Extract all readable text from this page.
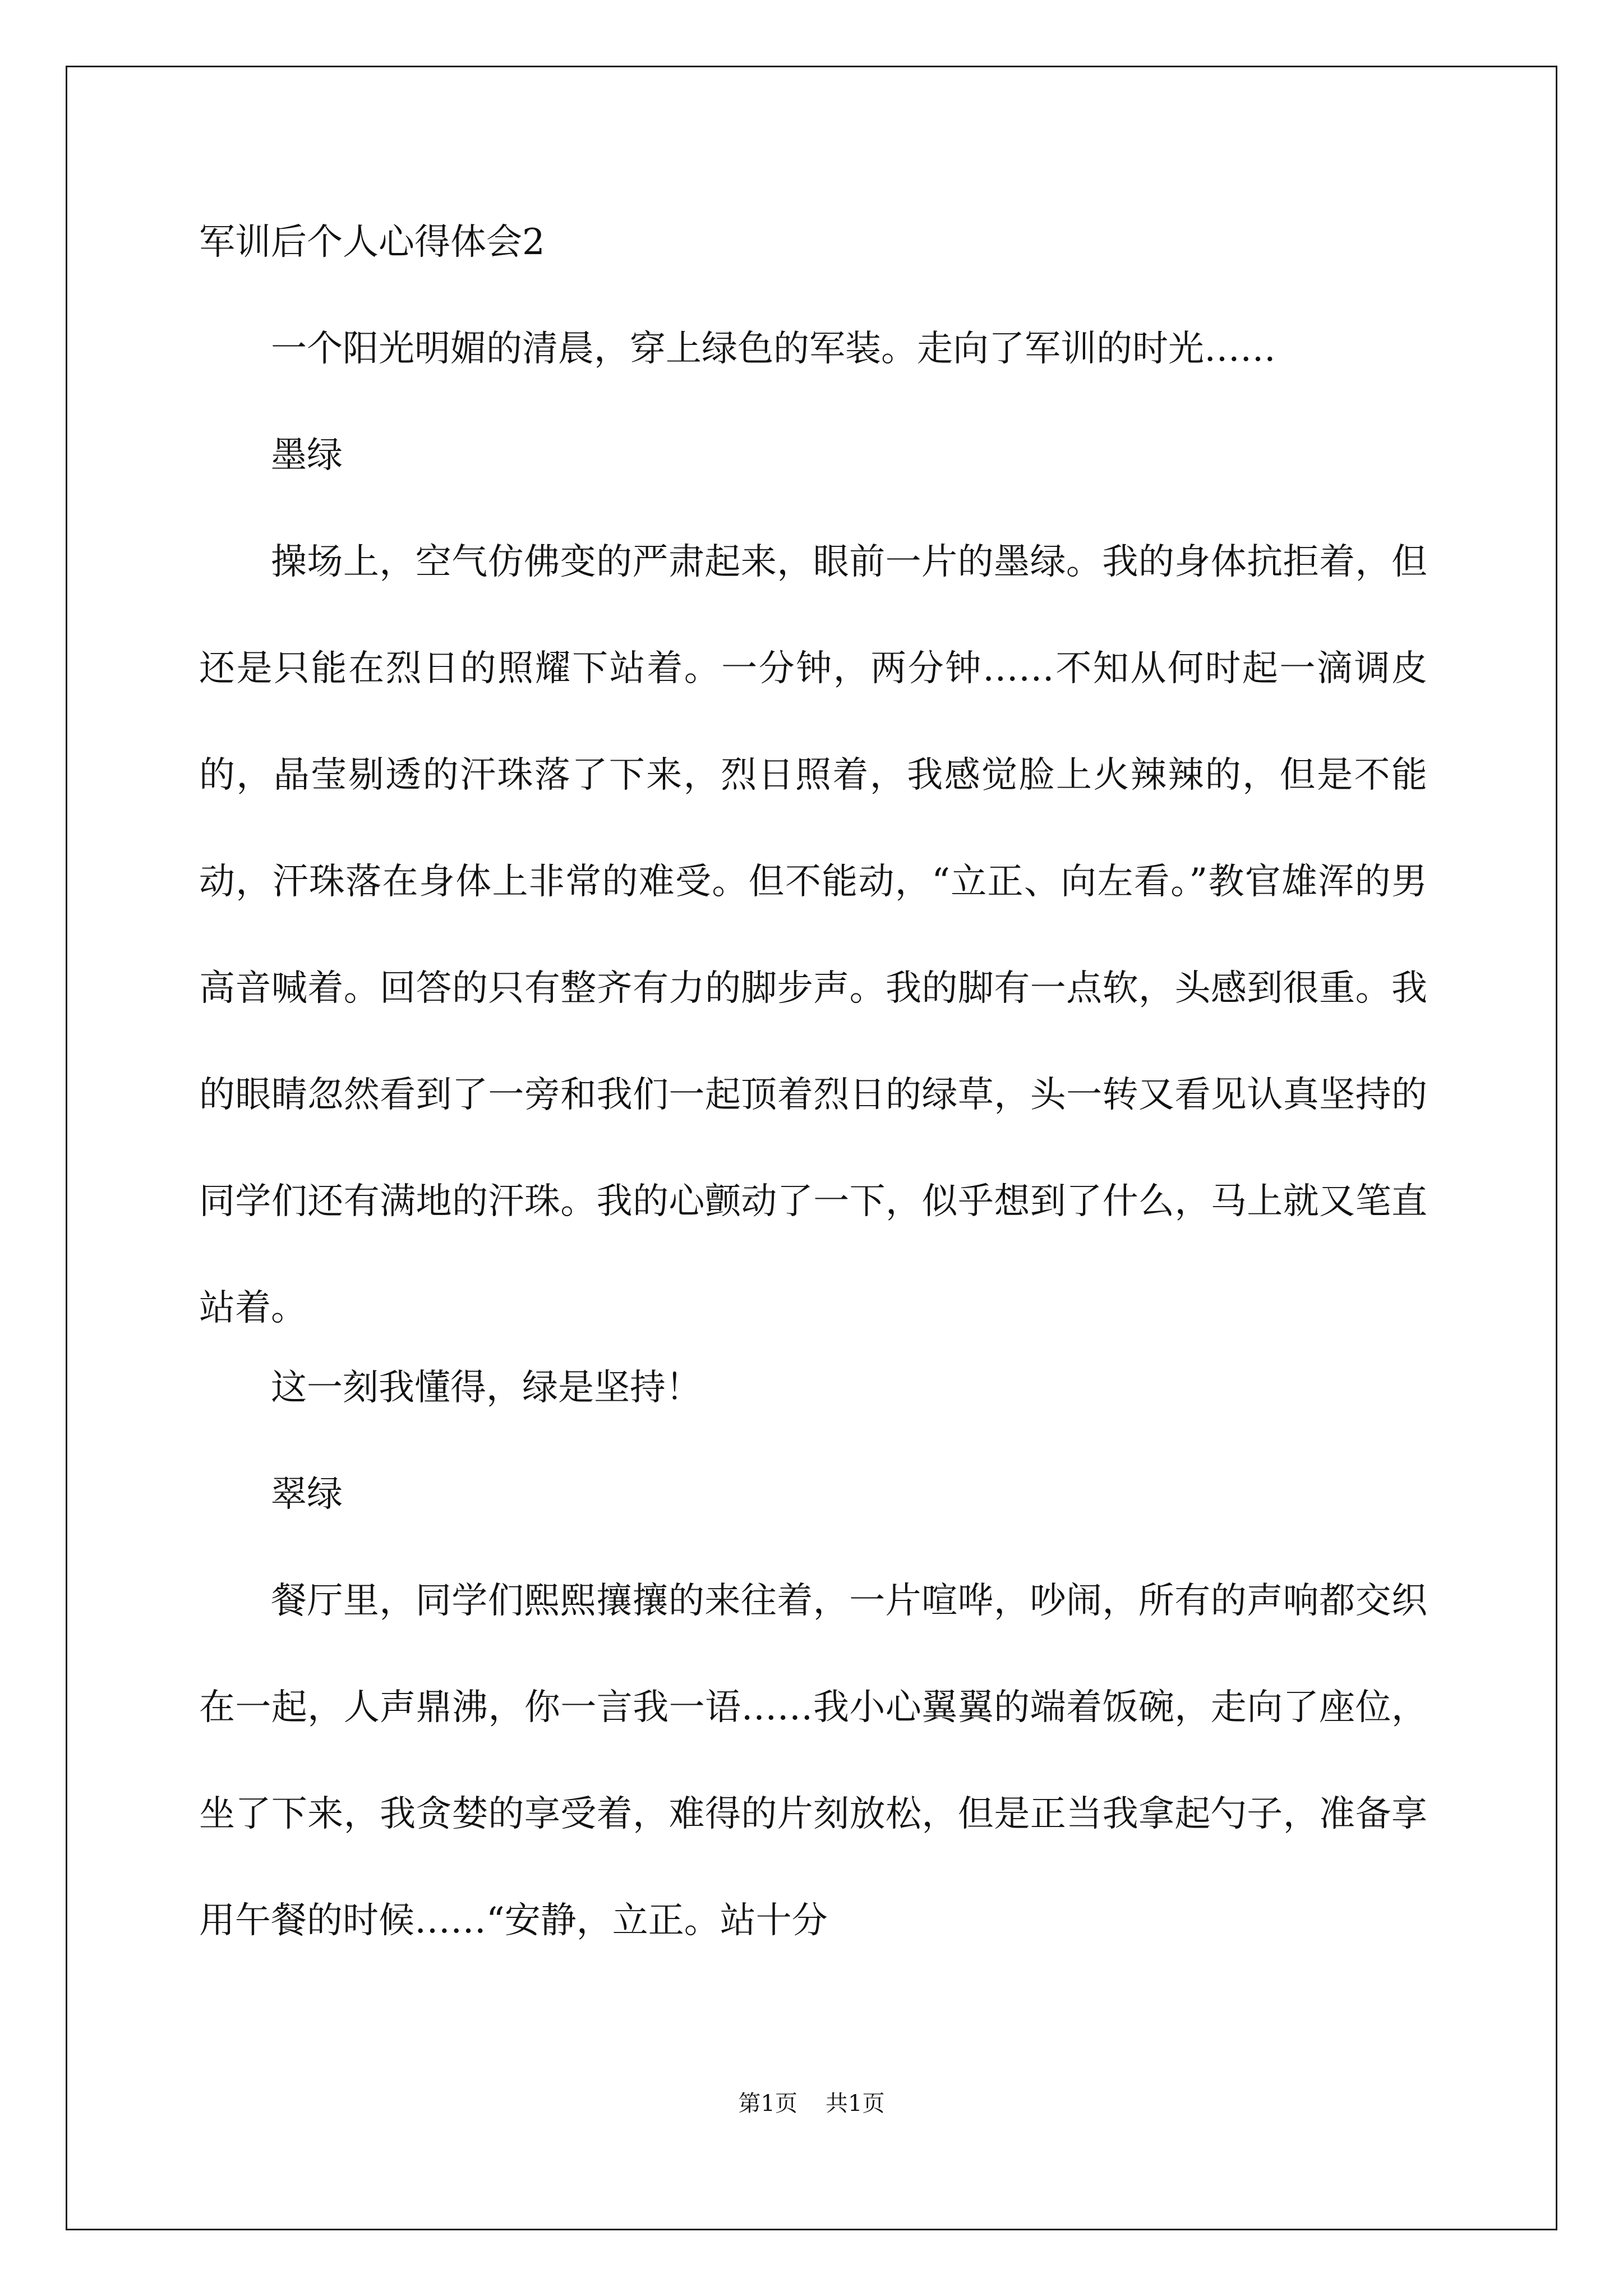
军训后个人心得体会2

一个阳光明媚的清晨，穿上绿色的军装。走向了军训的时光……

墨绿

操场上，空气仿佛变的严肃起来，眼前一片的墨绿。我的身体抗拒着，但还是只能在烈日的照耀下站着。一分钟，两分钟……不知从何时起一滴调皮的，晶莹剔透的汗珠落了下来，烈日照着，我感觉脸上火辣辣的，但是不能动，汗珠落在身体上非常的难受。但不能动，“立正、向左看。”教官雄浑的男高音喊着。回答的只有整齐有力的脚步声。我的脚有一点软，头感到很重。我的眼睛忽然看到了一旁和我们一起顶着烈日的绿草，头一转又看见认真坚持的同学们还有满地的汗珠。我的心颤动了一下，似乎想到了什么，马上就又笔直站着。

这一刻我懂得，绿是坚持！

翠绿

餐厅里，同学们熙熙攘攘的来往着，一片喧哗，吵闹，所有的声响都交织在一起，人声鼎沸，你一言我一语……我小心翼翼的端着饭碗，走向了座位，坐了下来，我贪婪的享受着，难得的片刻放松，但是正当我拿起勺子，准备享用午餐的时候……“安静，立正。站十分

第1页 共1页
